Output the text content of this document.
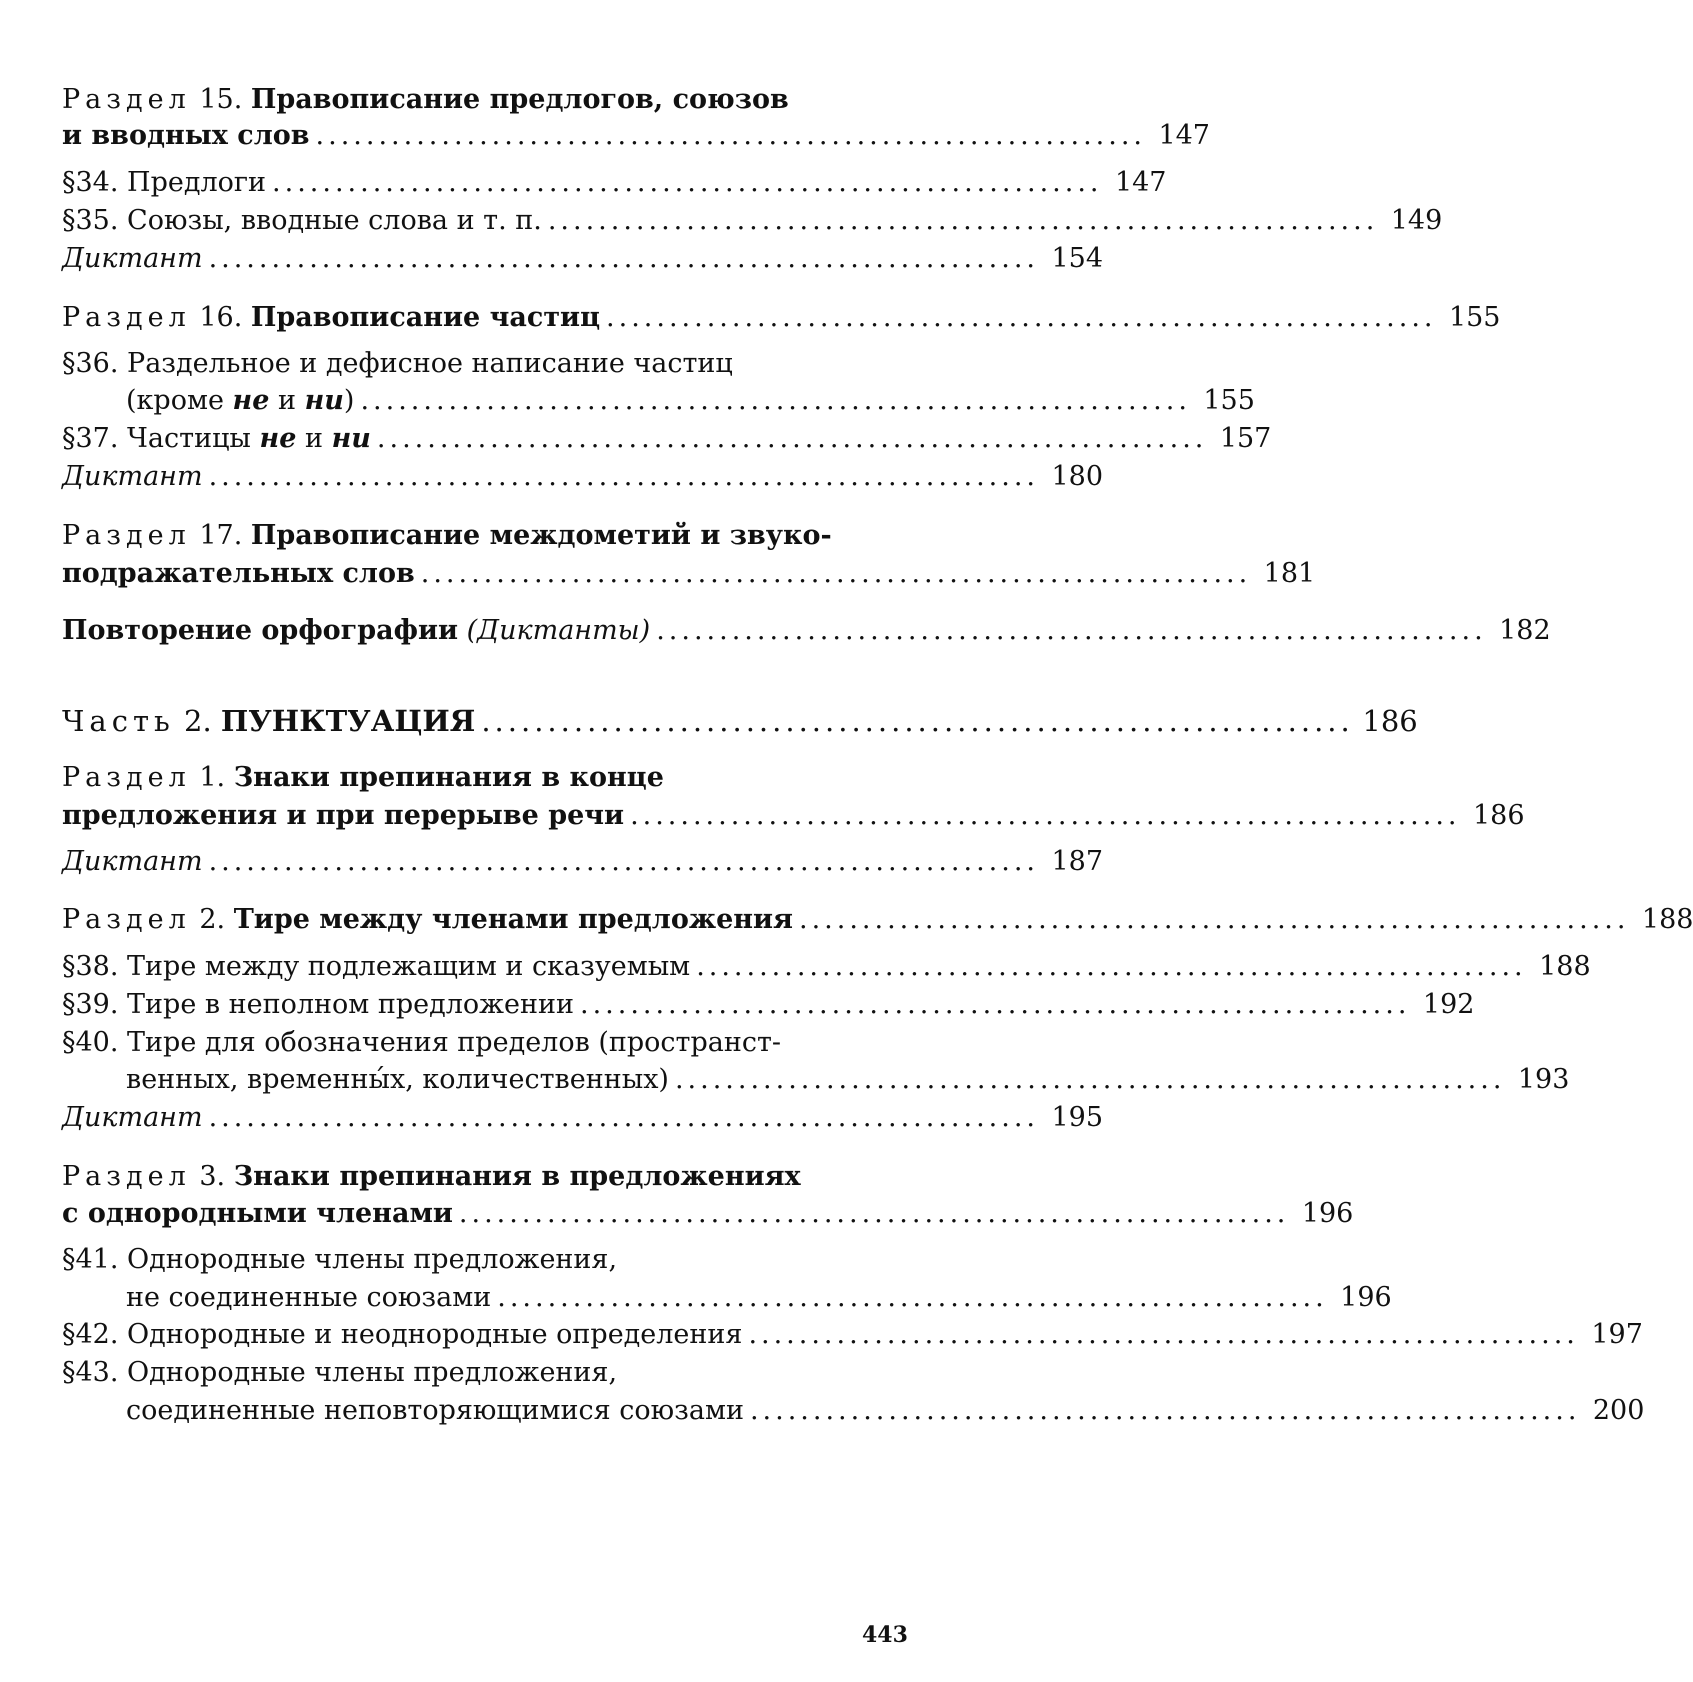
Раздел 15. Правописание предлогов, союзов
и вводных слов .................................................................. 147
§34. Предлоги .................................................................. 147
§35. Союзы, вводные слова и т. п. .................................................................. 149
Диктант .................................................................. 154
Раздел 16. Правописание частиц .................................................................. 155
§36. Раздельное и дефисное написание частиц
(кроме не и ни) .................................................................. 155
§37. Частицы не и ни .................................................................. 157
Диктант .................................................................. 180
Раздел 17. Правописание междометий и звуко-
подражательных слов .................................................................. 181
Повторение орфографии (Диктанты) .................................................................. 182
Часть 2. ПУНКТУАЦИЯ .................................................................. 186
Раздел 1. Знаки препинания в конце
предложения и при перерыве речи .................................................................. 186
Диктант .................................................................. 187
Раздел 2. Тире между членами предложения .................................................................. 188
§38. Тире между подлежащим и сказуемым .................................................................. 188
§39. Тире в неполном предложении .................................................................. 192
§40. Тире для обозначения пределов (пространст-
венных, временны́х, количественных) .................................................................. 193
Диктант .................................................................. 195
Раздел 3. Знаки препинания в предложениях
с однородными членами .................................................................. 196
§41. Однородные члены предложения,
не соединенные союзами .................................................................. 196
§42. Однородные и неоднородные определения .................................................................. 197
§43. Однородные члены предложения,
соединенные неповторяющимися союзами .................................................................. 200
443
